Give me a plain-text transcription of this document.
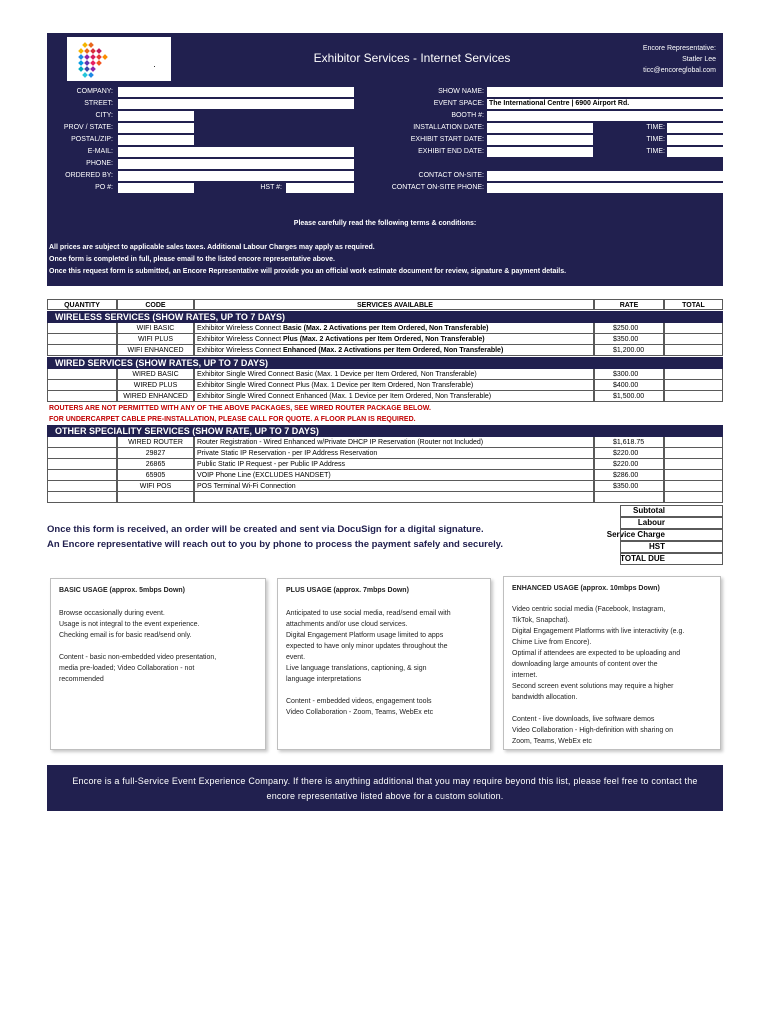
Exhibitor Services - Internet Services
Encore Representative:
Statler Lee
ticc@encoreglobal.com
COMPANY:
STREET:
CITY:
PROV / STATE:
POSTAL/ZIP:
E-MAIL:
PHONE:
ORDERED BY:
PO #:	HST #:
SHOW NAME:
EVENT SPACE: The International Centre | 6900 Airport Rd.
BOOTH #:
INSTALLATION DATE:	TIME:
EXHIBIT START DATE:	TIME:
EXHIBIT END DATE:	TIME:
CONTACT ON-SITE:
CONTACT ON-SITE PHONE:
Please carefully read the following terms & conditions:
All prices are subject to applicable sales taxes. Additional Labour Charges may apply as required.
Once form is completed in full, please email to the listed encore representative above.
Once this request form is submitted, an Encore Representative will provide you an official work estimate document for review, signature & payment details.
QUANTITY	CODE	SERVICES AVAILABLE	RATE	TOTAL
WIRELESS SERVICES (SHOW RATES, UP TO 7 DAYS)
WIFI BASIC	Exhibitor Wireless Connect Basic (Max. 2 Activations per Item Ordered, Non Transferable)	$250.00
WIFI PLUS	Exhibitor Wireless Connect Plus (Max. 2 Activations per Item Ordered, Non Transferable)	$350.00
WIFI ENHANCED	Exhibitor Wireless Connect Enhanced (Max. 2 Activations per Item Ordered, Non Transferable)	$1,200.00
WIRED SERVICES (SHOW RATES, UP TO 7 DAYS)
WIRED BASIC	Exhibitor Single Wired Connect Basic (Max. 1 Device per Item Ordered, Non Transferable)	$300.00
WIRED PLUS	Exhibitor Single Wired Connect Plus (Max. 1 Device per Item Ordered, Non Transferable)	$400.00
WIRED ENHANCED	Exhibitor Single Wired Connect Enhanced (Max. 1 Device per Item Ordered, Non Transferable)	$1,500.00
ROUTERS ARE NOT PERMITTED WITH ANY OF THE ABOVE PACKAGES, SEE WIRED ROUTER PACKAGE BELOW.
FOR UNDERCARPET CABLE PRE-INSTALLATION, PLEASE CALL FOR QUOTE. A FLOOR PLAN IS REQUIRED.
OTHER SPECIALITY SERVICES (SHOW RATE, UP TO 7 DAYS)
WIRED ROUTER	Router Registration - Wired Enhanced w/Private DHCP IP Reservation (Router not Included)	$1,618.75
29827	Private Static IP Reservation - per IP Address Reservation	$220.00
26865	Public Static IP Request - per Public IP Address	$220.00
65905	VOIP Phone Line (EXCLUDES HANDSET)	$286.00
WIFI POS	POS Terminal Wi-Fi Connection	$350.00
Subtotal
Labour
Service Charge
HST
TOTAL DUE
Once this form is received, an order will be created and sent via DocuSign for a digital signature.
An Encore representative will reach out to you by phone to process the payment safely and securely.
BASIC USAGE (approx. 5mbps Down)

Browse occasionally during event.
Usage is not integral to the event experience.
Checking email is for basic read/send only.

Content - basic non-embedded video presentation,
media pre-loaded; Video Collaboration - not
recommended

PLUS USAGE (approx. 7mbps Down)

Anticipated to use social media, read/send email with
attachments and/or use cloud services.
Digital Engagement Platform usage limited to apps
expected to have only minor updates throughout the
event.
Live language translations, captioning, & sign
language interpretations

Content - embedded videos, engagement tools
Video Collaboration - Zoom, Teams, WebEx etc

ENHANCED USAGE (approx. 10mbps Down)

Video centric social media (Facebook, Instagram,
TikTok, Snapchat).
Digital Engagement Platforms with live interactivity (e.g.
Chime Live from Encore).
Optimal if attendees are expected to be uploading and
downloading large amounts of content over the
internet.
Second screen event solutions may require a higher
bandwidth allocation.

Content - live downloads, live software demos
Video Collaboration - High-definition with sharing on
Zoom, Teams, WebEx etc

Encore is a full-Service Event Experience Company. If there is anything additional that you may require beyond this list, please feel free to contact the encore representative listed above for a custom solution.
